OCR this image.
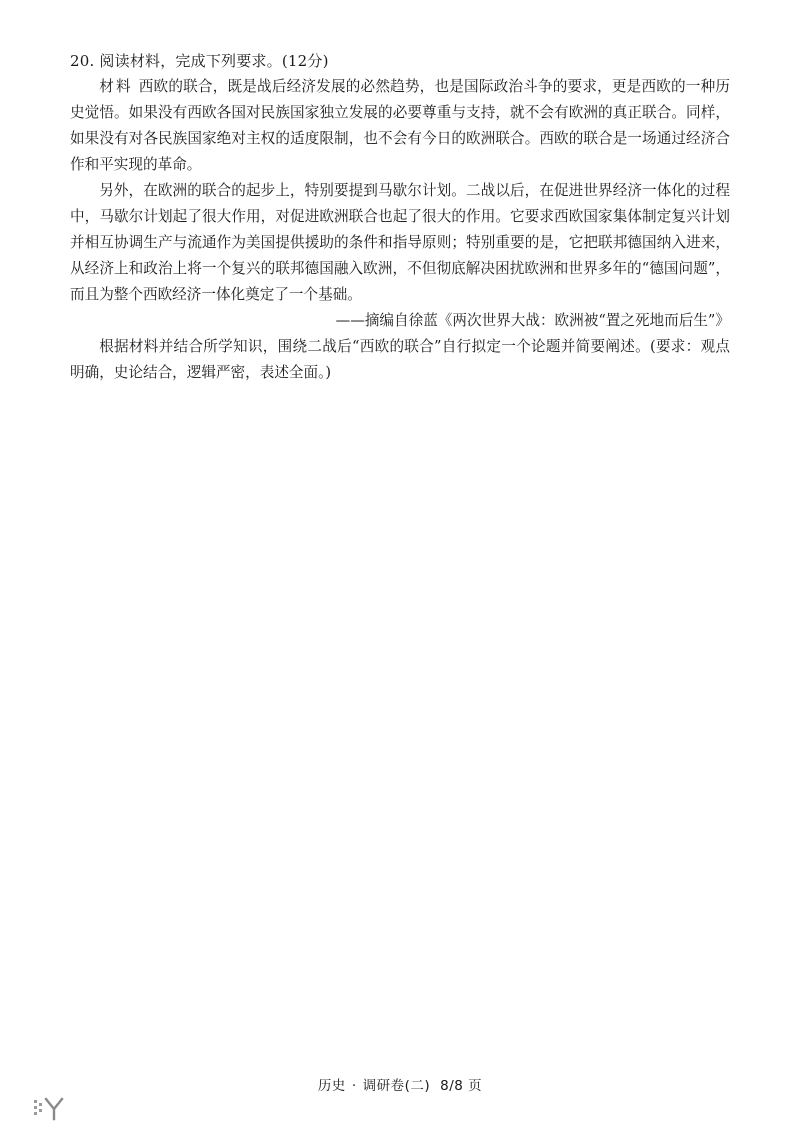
20. 阅读材料，完成下列要求。(12分)

材料 西欧的联合，既是战后经济发展的必然趋势，也是国际政治斗争的要求，更是西欧的一种历史觉悟。如果没有西欧各国对民族国家独立发展的必要尊重与支持，就不会有欧洲的真正联合。同样，如果没有对各民族国家绝对主权的适度限制，也不会有今日的欧洲联合。西欧的联合是一场通过经济合作和平实现的革命。

另外，在欧洲的联合的起步上，特别要提到马歇尔计划。二战以后，在促进世界经济一体化的过程中，马歇尔计划起了很大作用，对促进欧洲联合也起了很大的作用。它要求西欧国家集体制定复兴计划并相互协调生产与流通作为美国提供援助的条件和指导原则；特别重要的是，它把联邦德国纳入进来，从经济上和政治上将一个复兴的联邦德国融入欧洲，不但彻底解决困扰欧洲和世界多年的“德国问题”，而且为整个西欧经济一体化奠定了一个基础。

——摘编自徐蓝《两次世界大战：欧洲被“置之死地而后生”》

根据材料并结合所学知识，围绕二战后“西欧的联合”自行拟定一个论题并简要阐述。(要求：观点明确，史论结合，逻辑严密，表述全面。)

历史 · 调研卷(二) 8/8 页
